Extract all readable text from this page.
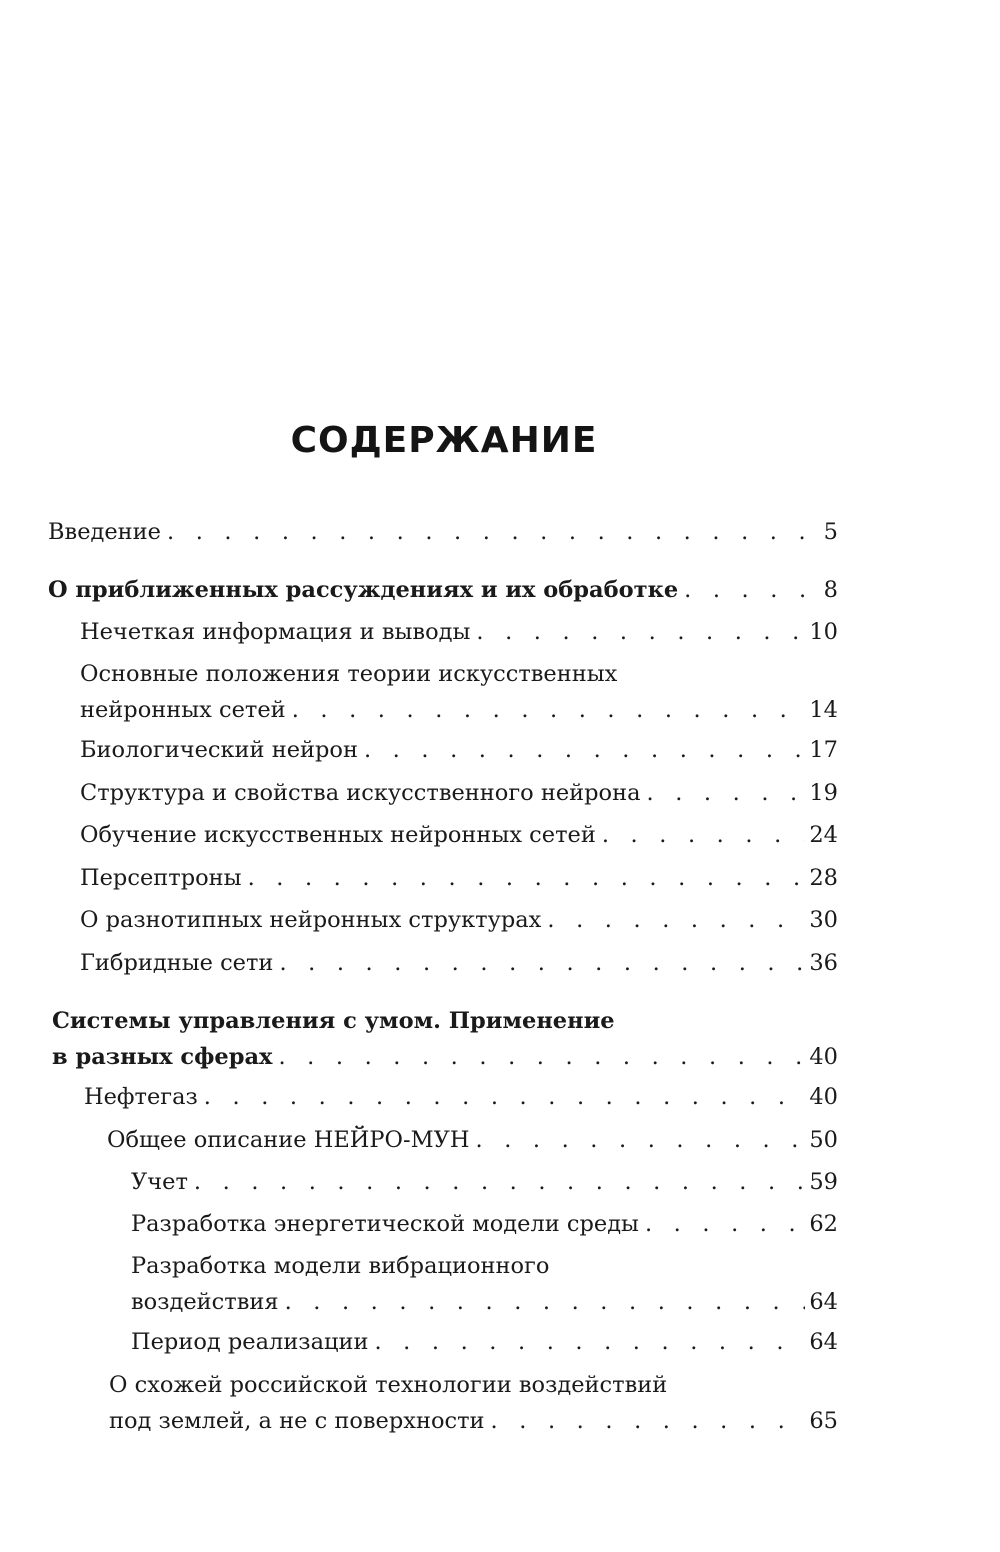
СОДЕРЖАНИЕ
Введение . . .	5
О приближенных рассуждениях и их обработке . . .	8
Нечеткая информация и выводы . . .	10
Основные положения теории искусственных
нейронных сетей . . .	14
Биологический нейрон . . .	17
Структура и свойства искусственного нейрона . . .	19
Обучение искусственных нейронных сетей . . .	24
Персептроны . . .	28
О разнотипных нейронных структурах . . .	30
Гибридные сети . . .	36
Системы управления с умом. Применение
в разных сферах . . .	40
Нефтегаз . . .	40
Общее описание НЕЙРО-МУН . . .	50
Учет . . .	59
Разработка энергетической модели среды . . .	62
Разработка модели вибрационного
воздействия . . .	64
Период реализации . . .	64
О схожей российской технологии воздействий
под землей, а не с поверхности . . .	65
